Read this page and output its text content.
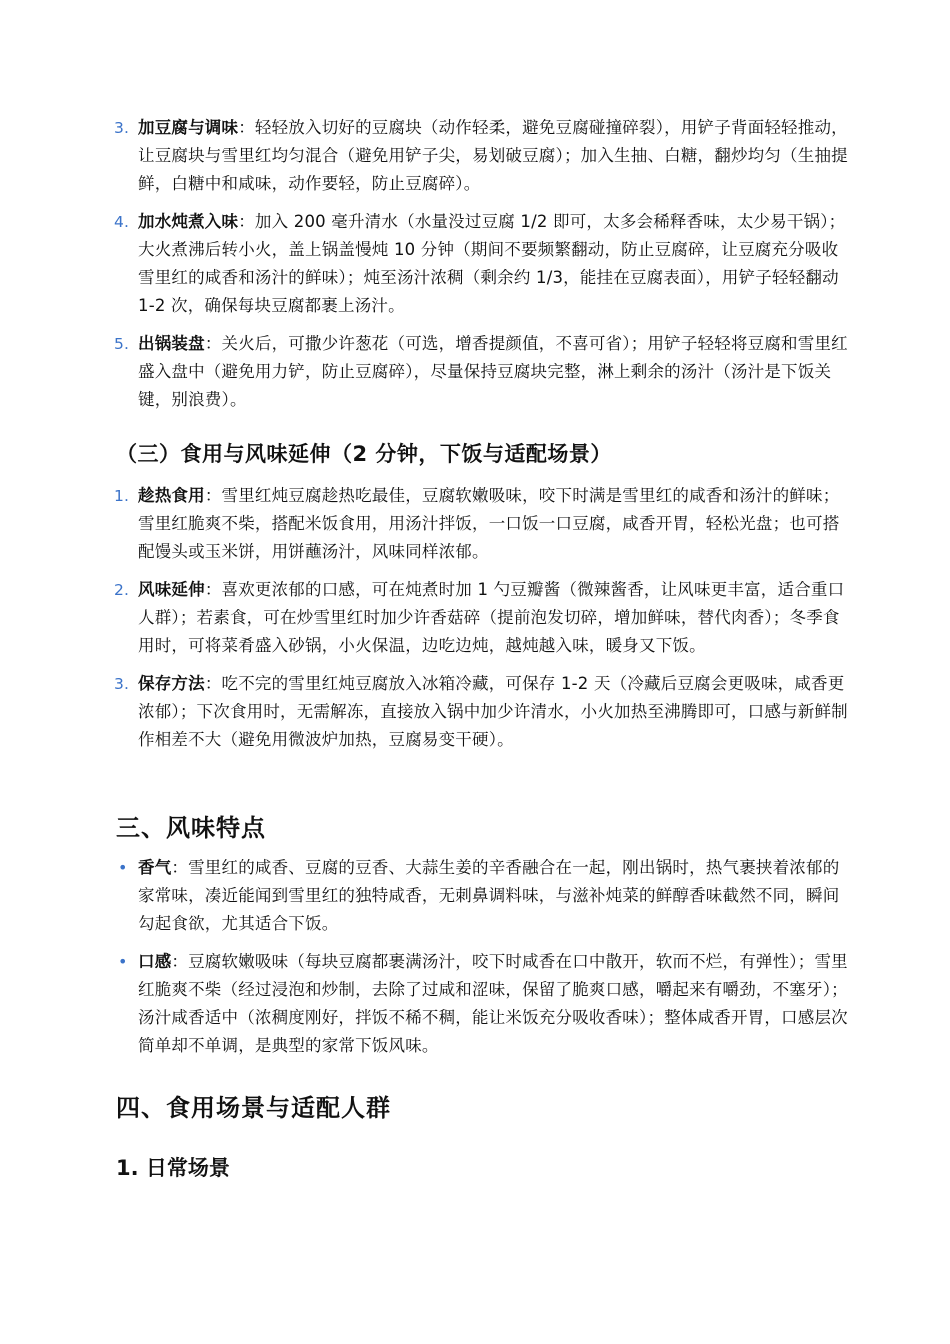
3. 加豆腐与调味：轻轻放入切好的豆腐块（动作轻柔，避免豆腐碰撞碎裂），用铲子背面轻轻推动，让豆腐块与雪里红均匀混合（避免用铲子尖，易划破豆腐）；加入生抽、白糖，翻炒均匀（生抽提鲜，白糖中和咸味，动作要轻，防止豆腐碎）。
4. 加水炖煮入味：加入 200 毫升清水（水量没过豆腐 1/2 即可，太多会稀释香味，太少易干锅）；大火煮沸后转小火，盖上锅盖慢炖 10 分钟（期间不要频繁翻动，防止豆腐碎，让豆腐充分吸收雪里红的咸香和汤汁的鲜味）；炖至汤汁浓稠（剩余约 1/3，能挂在豆腐表面），用铲子轻轻翻动 1-2 次，确保每块豆腐都裹上汤汁。
5. 出锅装盘：关火后，可撒少许葱花（可选，增香提颜值，不喜可省）；用铲子轻轻将豆腐和雪里红盛入盘中（避免用力铲，防止豆腐碎），尽量保持豆腐块完整，淋上剩余的汤汁（汤汁是下饭关键，别浪费）。
（三）食用与风味延伸（2 分钟，下饭与适配场景）
1. 趁热食用：雪里红炖豆腐趁热吃最佳，豆腐软嫩吸味，咬下时满是雪里红的咸香和汤汁的鲜味；雪里红脆爽不柴，搭配米饭食用，用汤汁拌饭，一口饭一口豆腐，咸香开胃，轻松光盘；也可搭配馒头或玉米饼，用饼蘸汤汁，风味同样浓郁。
2. 风味延伸：喜欢更浓郁的口感，可在炖煮时加 1 勺豆瓣酱（微辣酱香，让风味更丰富，适合重口人群）；若素食，可在炒雪里红时加少许香菇碎（提前泡发切碎，增加鲜味，替代肉香）；冬季食用时，可将菜肴盛入砂锅，小火保温，边吃边炖，越炖越入味，暖身又下饭。
3. 保存方法：吃不完的雪里红炖豆腐放入冰箱冷藏，可保存 1-2 天（冷藏后豆腐会更吸味，咸香更浓郁）；下次食用时，无需解冻，直接放入锅中加少许清水，小火加热至沸腾即可，口感与新鲜制作相差不大（避免用微波炉加热，豆腐易变干硬）。
三、风味特点
• 香气：雪里红的咸香、豆腐的豆香、大蒜生姜的辛香融合在一起，刚出锅时，热气裹挟着浓郁的家常味，凑近能闻到雪里红的独特咸香，无刺鼻调料味，与滋补炖菜的鲜醇香味截然不同，瞬间勾起食欲，尤其适合下饭。
• 口感：豆腐软嫩吸味（每块豆腐都裹满汤汁，咬下时咸香在口中散开，软而不烂，有弹性）；雪里红脆爽不柴（经过浸泡和炒制，去除了过咸和涩味，保留了脆爽口感，嚼起来有嚼劲，不塞牙）；汤汁咸香适中（浓稠度刚好，拌饭不稀不稠，能让米饭充分吸收香味）；整体咸香开胃，口感层次简单却不单调，是典型的家常下饭风味。
四、食用场景与适配人群
1. 日常场景
